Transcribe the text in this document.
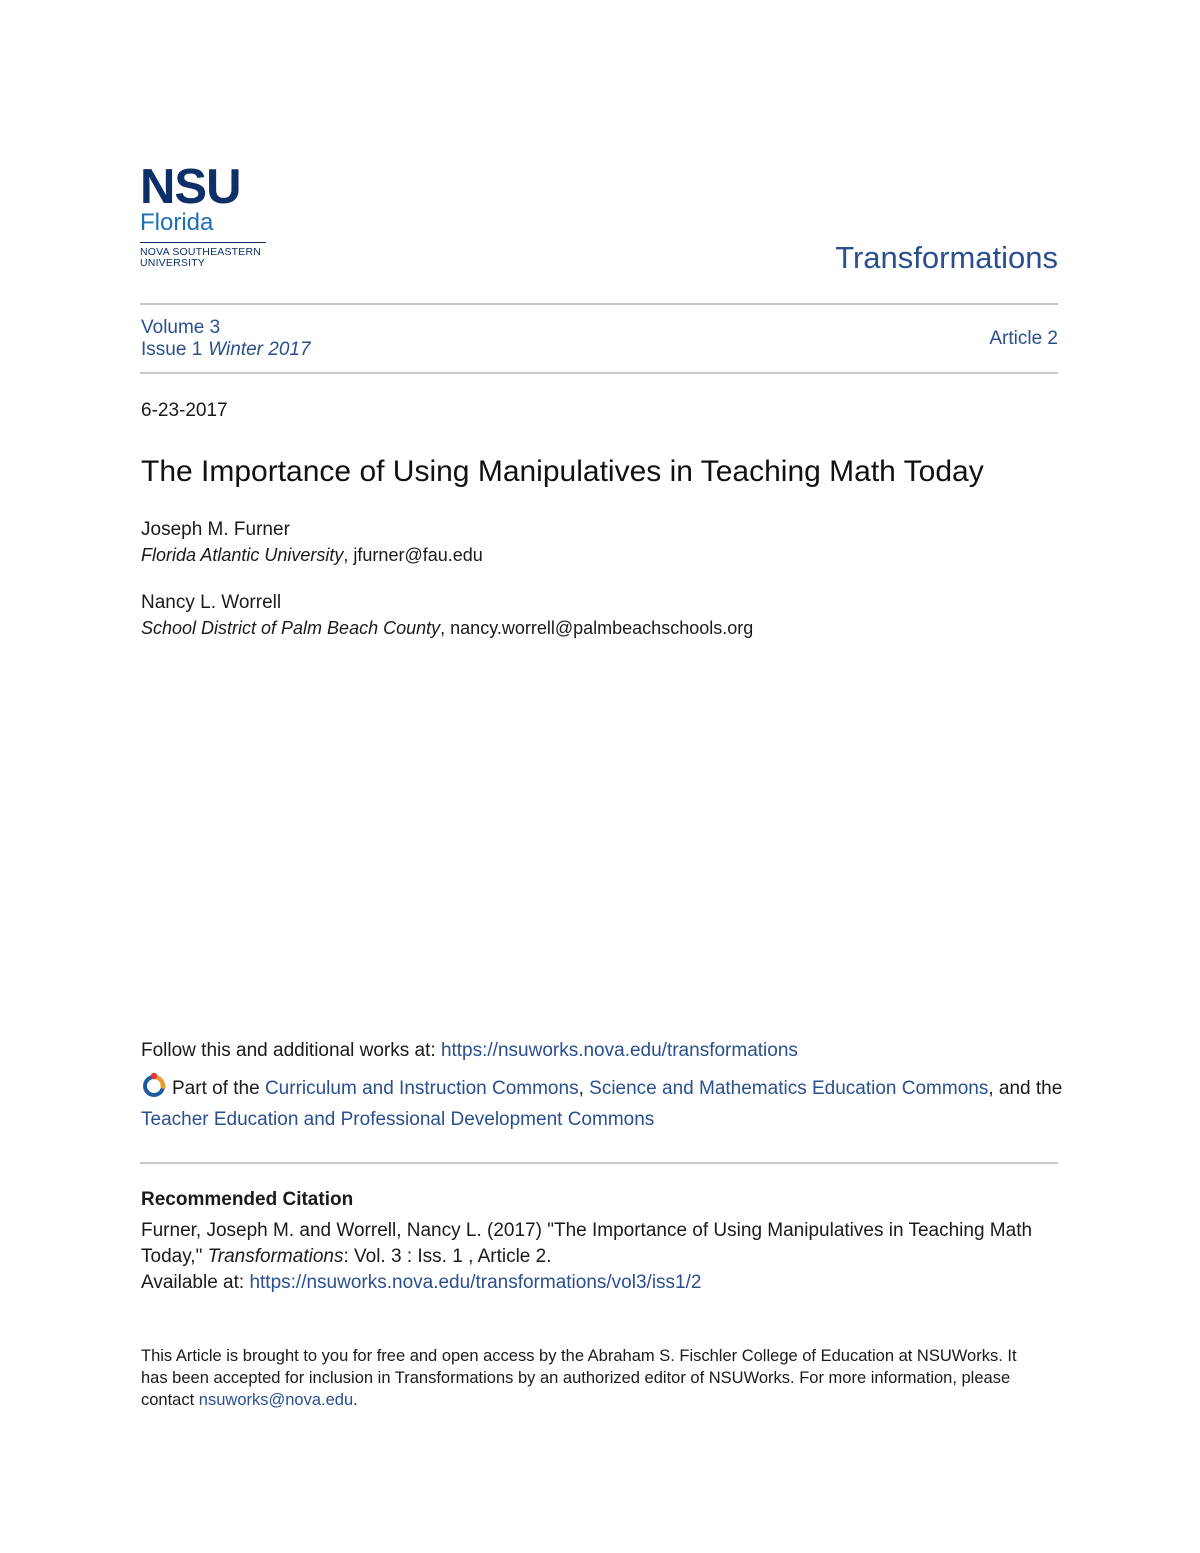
NSU
Florida
NOVA SOUTHEASTERN
UNIVERSITY	Transformations
Volume 3
Issue 1 Winter 2017
Article 2
6-23-2017
The Importance of Using Manipulatives in Teaching Math Today
Joseph M. Furner
Florida Atlantic University, jfurner@fau.edu
Nancy L. Worrell
School District of Palm Beach County, nancy.worrell@palmbeachschools.org
Follow this and additional works at: https://nsuworks.nova.edu/transformations
Part of the Curriculum and Instruction Commons, Science and Mathematics Education Commons, and the Teacher Education and Professional Development Commons
Recommended Citation
Furner, Joseph M. and Worrell, Nancy L. (2017) "The Importance of Using Manipulatives in Teaching Math Today," Transformations: Vol. 3 : Iss. 1 , Article 2.
Available at: https://nsuworks.nova.edu/transformations/vol3/iss1/2
This Article is brought to you for free and open access by the Abraham S. Fischler College of Education at NSUWorks. It has been accepted for inclusion in Transformations by an authorized editor of NSUWorks. For more information, please contact nsuworks@nova.edu.
